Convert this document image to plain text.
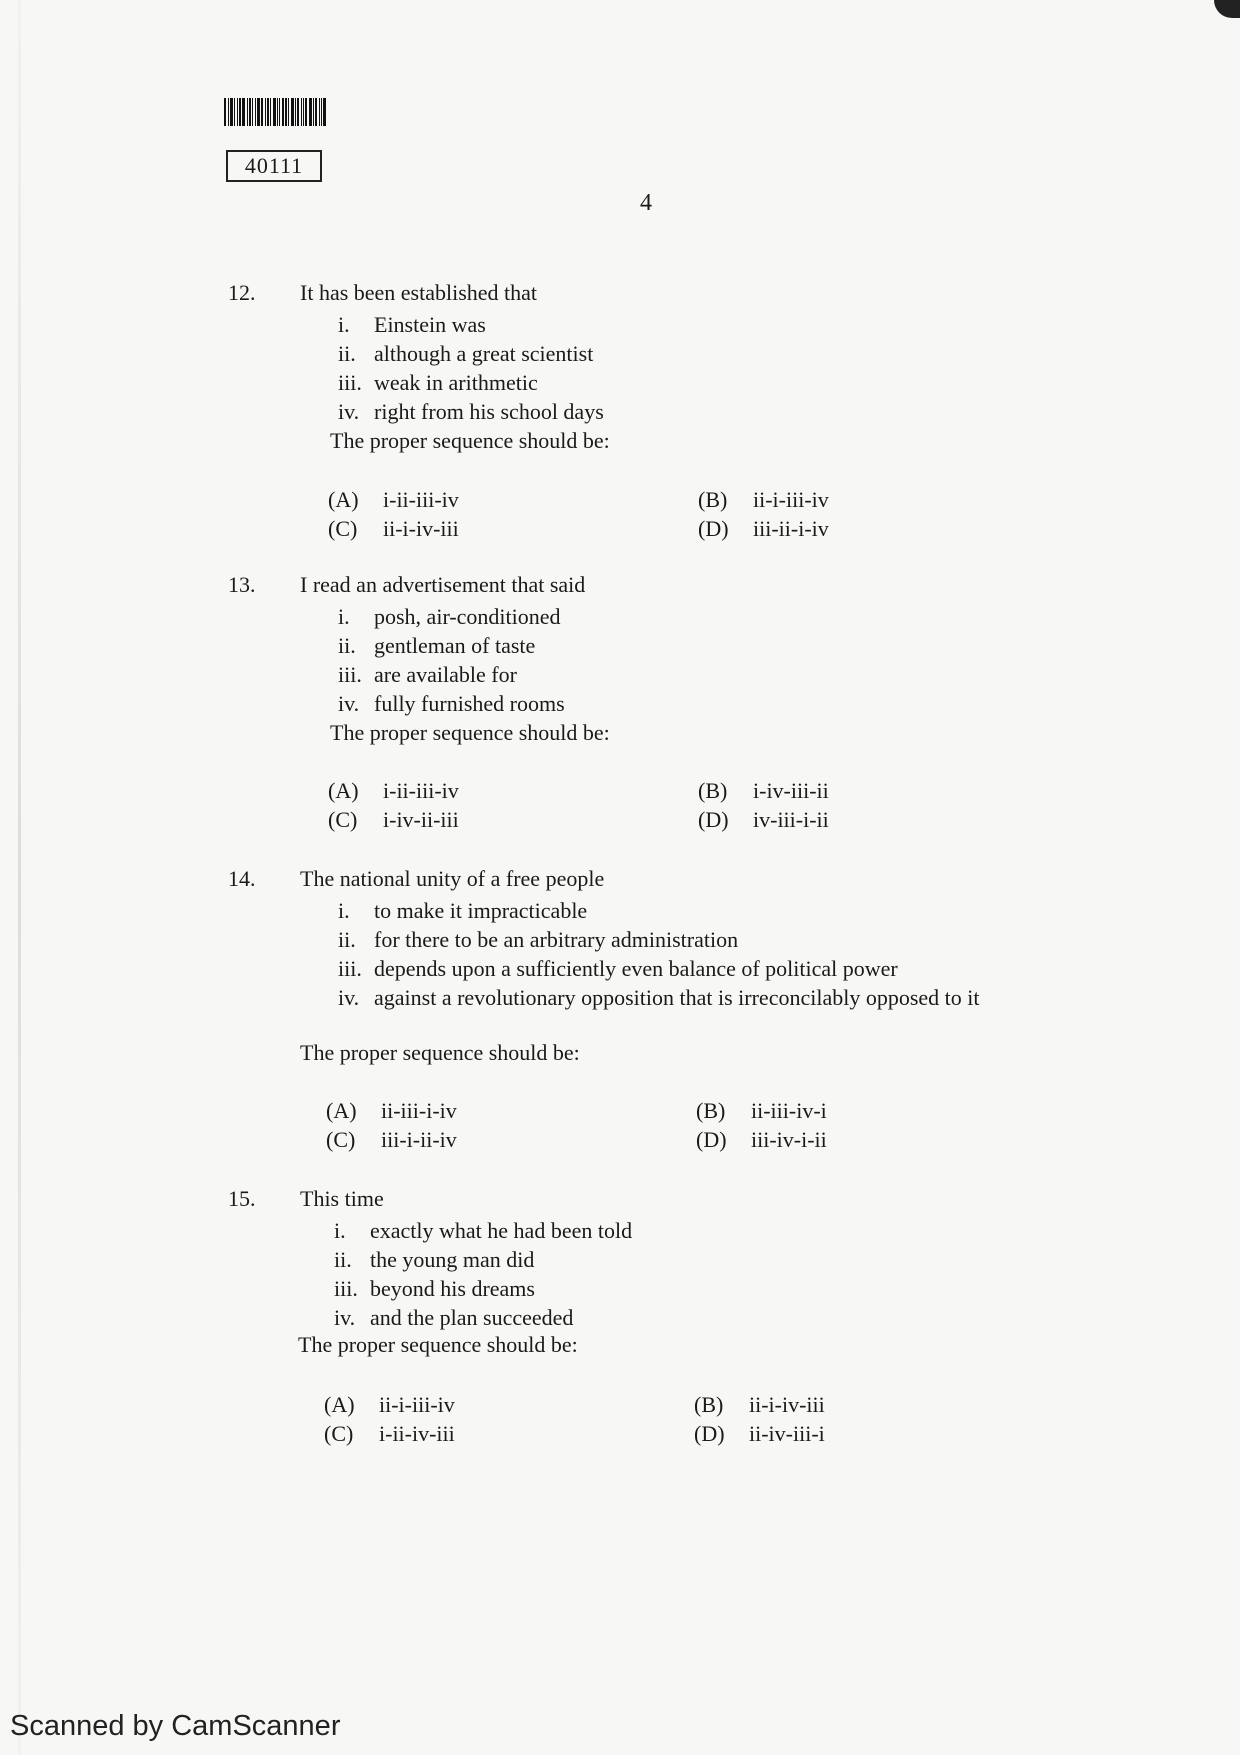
40111
4
12. It has been established that
i. Einstein was
ii. although a great scientist
iii. weak in arithmetic
iv. right from his school days
The proper sequence should be:
(A) i-ii-iii-iv	(B) ii-i-iii-iv
(C) ii-i-iv-iii	(D) iii-ii-i-iv
13. I read an advertisement that said
i. posh, air-conditioned
ii. gentleman of taste
iii. are available for
iv. fully furnished rooms
The proper sequence should be:
(A) i-ii-iii-iv	(B) i-iv-iii-ii
(C) i-iv-ii-iii	(D) iv-iii-i-ii
14. The national unity of a free people
i. to make it impracticable
ii. for there to be an arbitrary administration
iii. depends upon a sufficiently even balance of political power
iv. against a revolutionary opposition that is irreconcilably opposed to it
The proper sequence should be:
(A) ii-iii-i-iv	(B) ii-iii-iv-i
(C) iii-i-ii-iv	(D) iii-iv-i-ii
15. This time
i. exactly what he had been told
ii. the young man did
iii. beyond his dreams
iv. and the plan succeeded
The proper sequence should be:
(A) ii-i-iii-iv	(B) ii-i-iv-iii
(C) i-ii-iv-iii	(D) ii-iv-iii-i
Scanned by CamScanner
